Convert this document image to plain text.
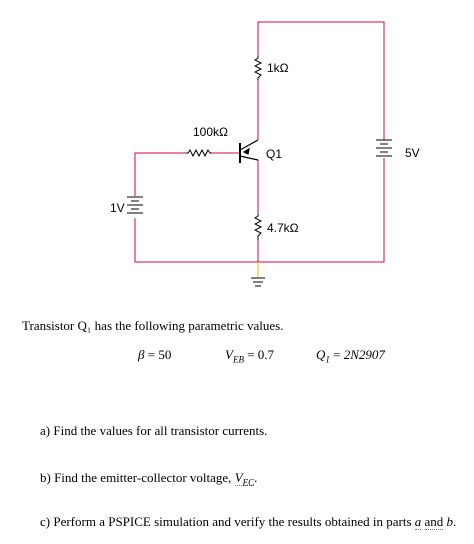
1kΩ
100kΩ
Q1
4.7kΩ
5V
1V
Transistor Q₁ has the following parametric values.
β = 50	$V_{EB} = 0.7$	$Q_1 = 2N2907$
a) Find the values for all transistor currents.
b) Find the emitter-collector voltage, $V_{EC}$.
c) Perform a PSPICE simulation and verify the results obtained in parts a and b.
